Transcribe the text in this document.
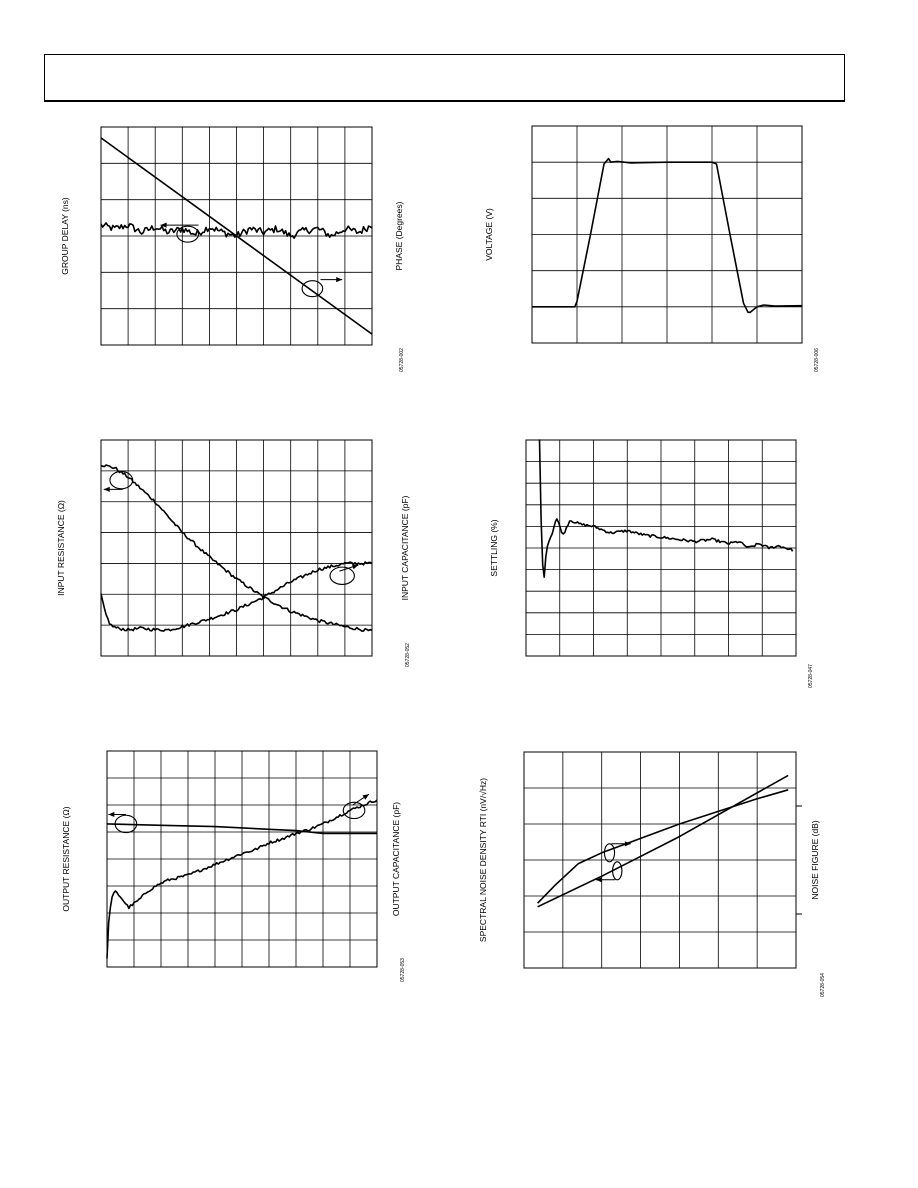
GROUP DELAY (ns)	PHASE (Degrees)
05728-002
VOLTAGE (V)
05728-006
INPUT RESISTANCE (Ω)	INPUT CAPACITANCE (pF)
05728-052
SETTLING (%)
05728-047
OUTPUT RESISTANCE (Ω)	OUTPUT CAPACITANCE (pF)
05728-053
SPECTRAL NOISE DENSITY RTI (nV/√Hz)	NOISE FIGURE (dB)
05728-054
